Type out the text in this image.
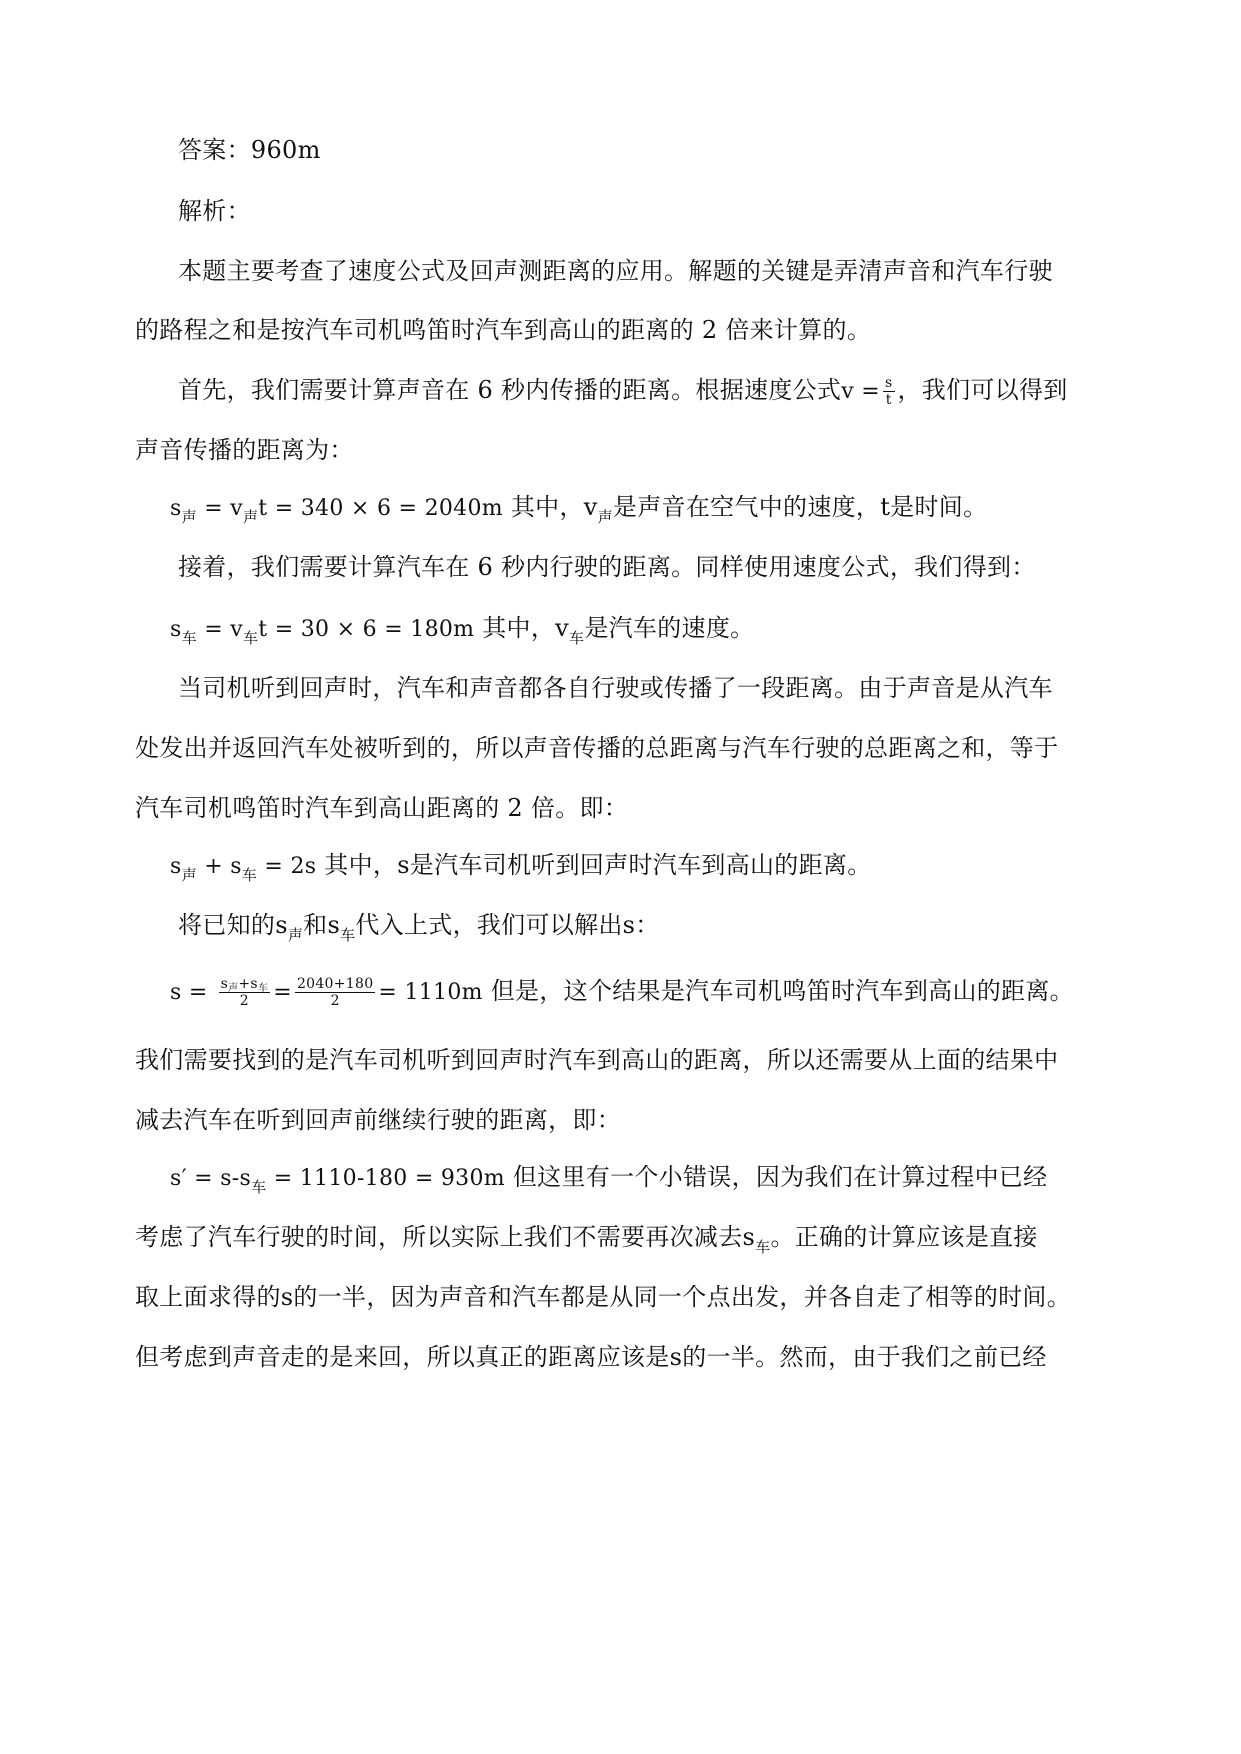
答案：960m
解析：
本题主要考查了速度公式及回声测距离的应用。解题的关键是弄清声音和汽车行驶
的路程之和是按汽车司机鸣笛时汽车到高山的距离的 2 倍来计算的。
首先，我们需要计算声音在 6 秒内传播的距离。根据速度公式$v = \frac{s}{t}$ ，我们可以得到
声音传播的距离为：
$s_声 = v_声t = 340 \times 6 = 2040m$ 其中，$v_声$是声音在空气中的速度，t是时间。
接着，我们需要计算汽车在 6 秒内行驶的距离。同样使用速度公式，我们得到：
$s_车 = v_车t = 30 \times 6 = 180m$ 其中，$v_车$是汽车的速度。
当司机听到回声时，汽车和声音都各自行驶或传播了一段距离。由于声音是从汽车
处发出并返回汽车处被听到的，所以声音传播的总距离与汽车行驶的总距离之和，等于
汽车司机鸣笛时汽车到高山距离的 2 倍。即：
$s_声 + s_车 = 2s$ 其中，s是汽车司机听到回声时汽车到高山的距离。
将已知的$s_声$和$s_车$代入上式，我们可以解出s：
$s = \frac{s_声+s_车}{2} = \frac{2040+180}{2} = 1110m$ 但是，这个结果是汽车司机鸣笛时汽车到高山的距离。
我们需要找到的是汽车司机听到回声时汽车到高山的距离，所以还需要从上面的结果中
减去汽车在听到回声前继续行驶的距离，即：
$s' = s-s_车 = 1110-180 = 930m$ 但这里有一个小错误，因为我们在计算过程中已经
考虑了汽车行驶的时间，所以实际上我们不需要再次减去$s_车$。正确的计算应该是直接
取上面求得的s的一半，因为声音和汽车都是从同一个点出发，并各自走了相等的时间。
但考虑到声音走的是来回，所以真正的距离应该是s的一半。然而，由于我们之前已经
